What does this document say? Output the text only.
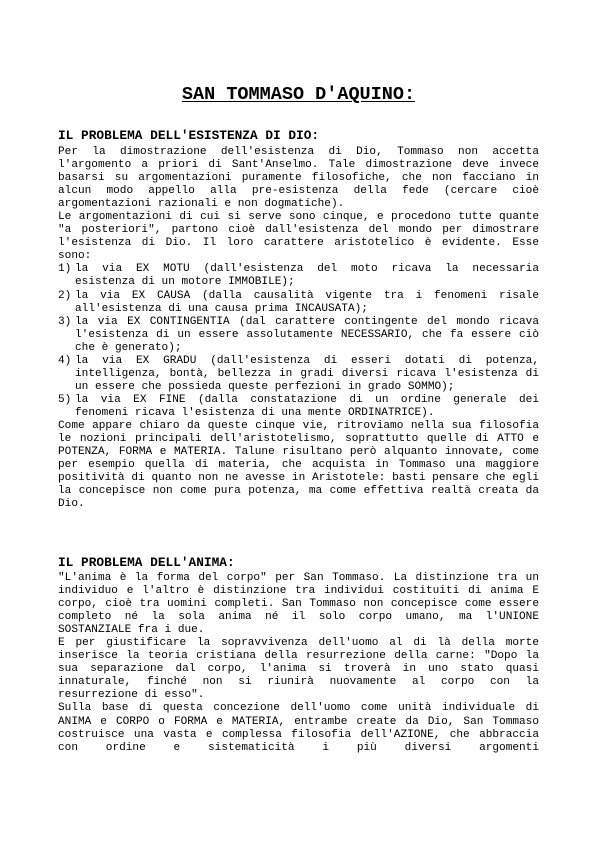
SAN TOMMASO D'AQUINO:
IL PROBLEMA DELL'ESISTENZA DI DIO:

Per la dimostrazione dell'esistenza di Dio, Tommaso non accetta l'argomento a priori di Sant'Anselmo. Tale dimostrazione deve invece basarsi su argomentazioni puramente filosofiche, che non facciano in alcun modo appello alla pre-esistenza della fede (cercare cioè argomentazioni razionali e non dogmatiche).

Le argomentazioni di cui si serve sono cinque, e procedono tutte quante "a posteriori", partono cioè dall'esistenza del mondo per dimostrare l'esistenza di Dio. Il loro carattere aristotelico è evidente. Esse sono:

1) la via EX MOTU (dall'esistenza del moto ricava la necessaria esistenza di un motore IMMOBILE);
2) la via EX CAUSA (dalla causalità vigente tra i fenomeni risale all'esistenza di una causa prima INCAUSATA);
3) la via EX CONTINGENTIA (dal carattere contingente del mondo ricava l'esistenza di un essere assolutamente NECESSARIO, che fa essere ciò che è generato);
4) la via EX GRADU (dall'esistenza di esseri dotati di potenza, intelligenza, bontà, bellezza in gradi diversi ricava l'esistenza di un essere che possieda queste perfezioni in grado SOMMO);
5) la via EX FINE (dalla constatazione di un ordine generale dei fenomeni ricava l'esistenza di una mente ORDINATRICE).

Come appare chiaro da queste cinque vie, ritroviamo nella sua filosofia le nozioni principali dell'aristotelismo, soprattutto quelle di ATTO e POTENZA, FORMA e MATERIA. Talune risultano però alquanto innovate, come per esempio quella di materia, che acquista in Tommaso una maggiore positività di quanto non ne avesse in Aristotele: basti pensare che egli la concepisce non come pura potenza, ma come effettiva realtà creata da Dio.

IL PROBLEMA DELL'ANIMA:

"L'anima è la forma del corpo" per San Tommaso. La distinzione tra un individuo e l'altro è distinzione tra individui costituiti di anima E corpo, cioè tra uomini completi. San Tommaso non concepisce come essere completo né la sola anima né il solo corpo umano, ma l'UNIONE SOSTANZIALE fra i due.

E per giustificare la sopravvivenza dell'uomo al di là della morte inserisce la teoria cristiana della resurrezione della carne: "Dopo la sua separazione dal corpo, l'anima si troverà in uno stato quasi innaturale, finché non si riunirà nuovamente al corpo con la resurrezione di esso".

Sulla base di questa concezione dell'uomo come unità individuale di ANIMA e CORPO o FORMA e MATERIA, entrambe create da Dio, San Tommaso costruisce una vasta e complessa filosofia dell'AZIONE, che abbraccia con ordine e sistematicità i più diversi argomenti
